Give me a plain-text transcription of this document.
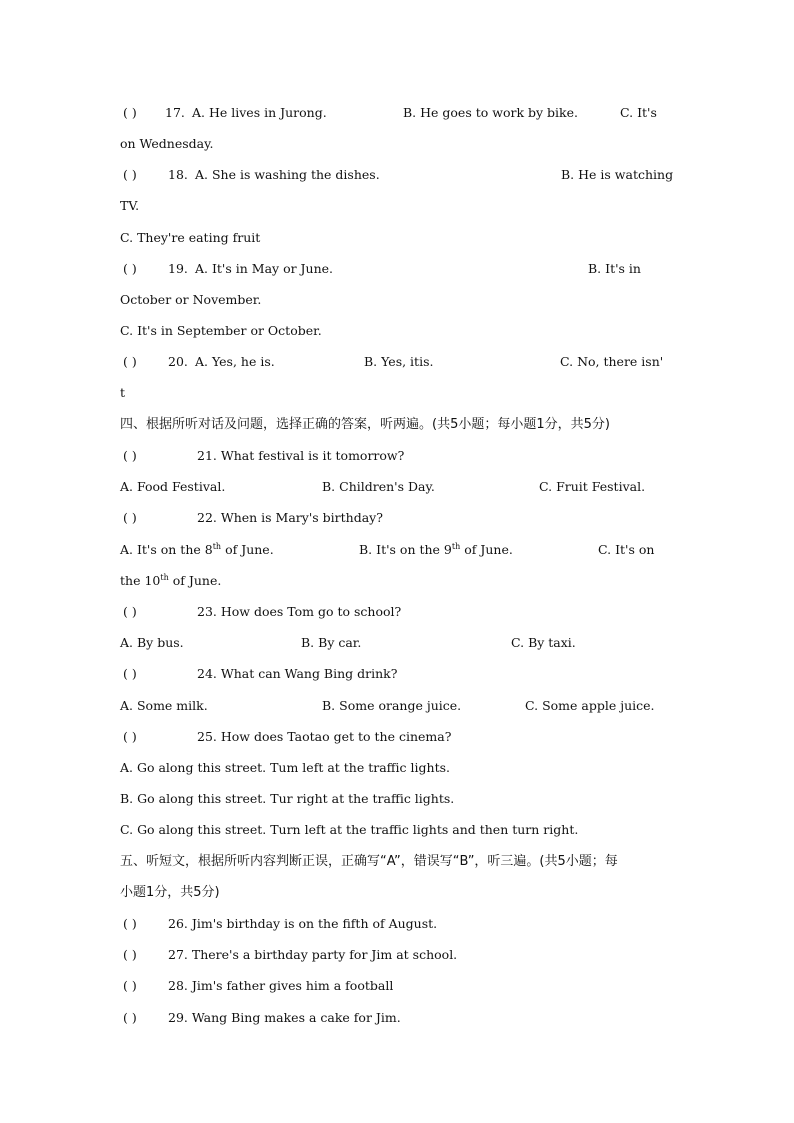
( ) 17. A. He lives in Jurong.	B. He goes to work by bike.	C. It's
on Wednesday.
( )	18. A. She is washing the dishes.	B. He is watching
TV.
C. They're eating fruit
( )	19. A. It's in May or June.	B. It's in
October or November.
C. It's in September or October.
( )	20. A. Yes, he is.	B. Yes, itis.	C. No, there isn'
t
四、根据所听对话及问题，选择正确的答案，听两遍。(共5小题；每小题1分，共5分)
( )	21. What festival is it tomorrow?
A. Food Festival.	B. Children's Day.	C. Fruit Festival.
( )	22. When is Mary's birthday?
A. It's on the 8th of June.	B. It's on the 9th of June.	C. It's on
the 10th of June.
( )	23. How does Tom go to school?
A. By bus.	B. By car.	C. By taxi.
( )	24. What can Wang Bing drink?
A. Some milk.	B. Some orange juice.	C. Some apple juice.
( )	25. How does Taotao get to the cinema?
A. Go along this street. Tum left at the traffic lights.
B. Go along this street. Tur right at the traffic lights.
C. Go along this street. Turn left at the traffic lights and then turn right.
五、听短文，根据所听内容判断正误，正确写“A”，错误写“B”，听三遍。(共5小题；每
小题1分，共5分)
( )	26. Jim's birthday is on the fifth of August.
( )	27. There's a birthday party for Jim at school.
( )	28. Jim's father gives him a football
( )	29. Wang Bing makes a cake for Jim.
